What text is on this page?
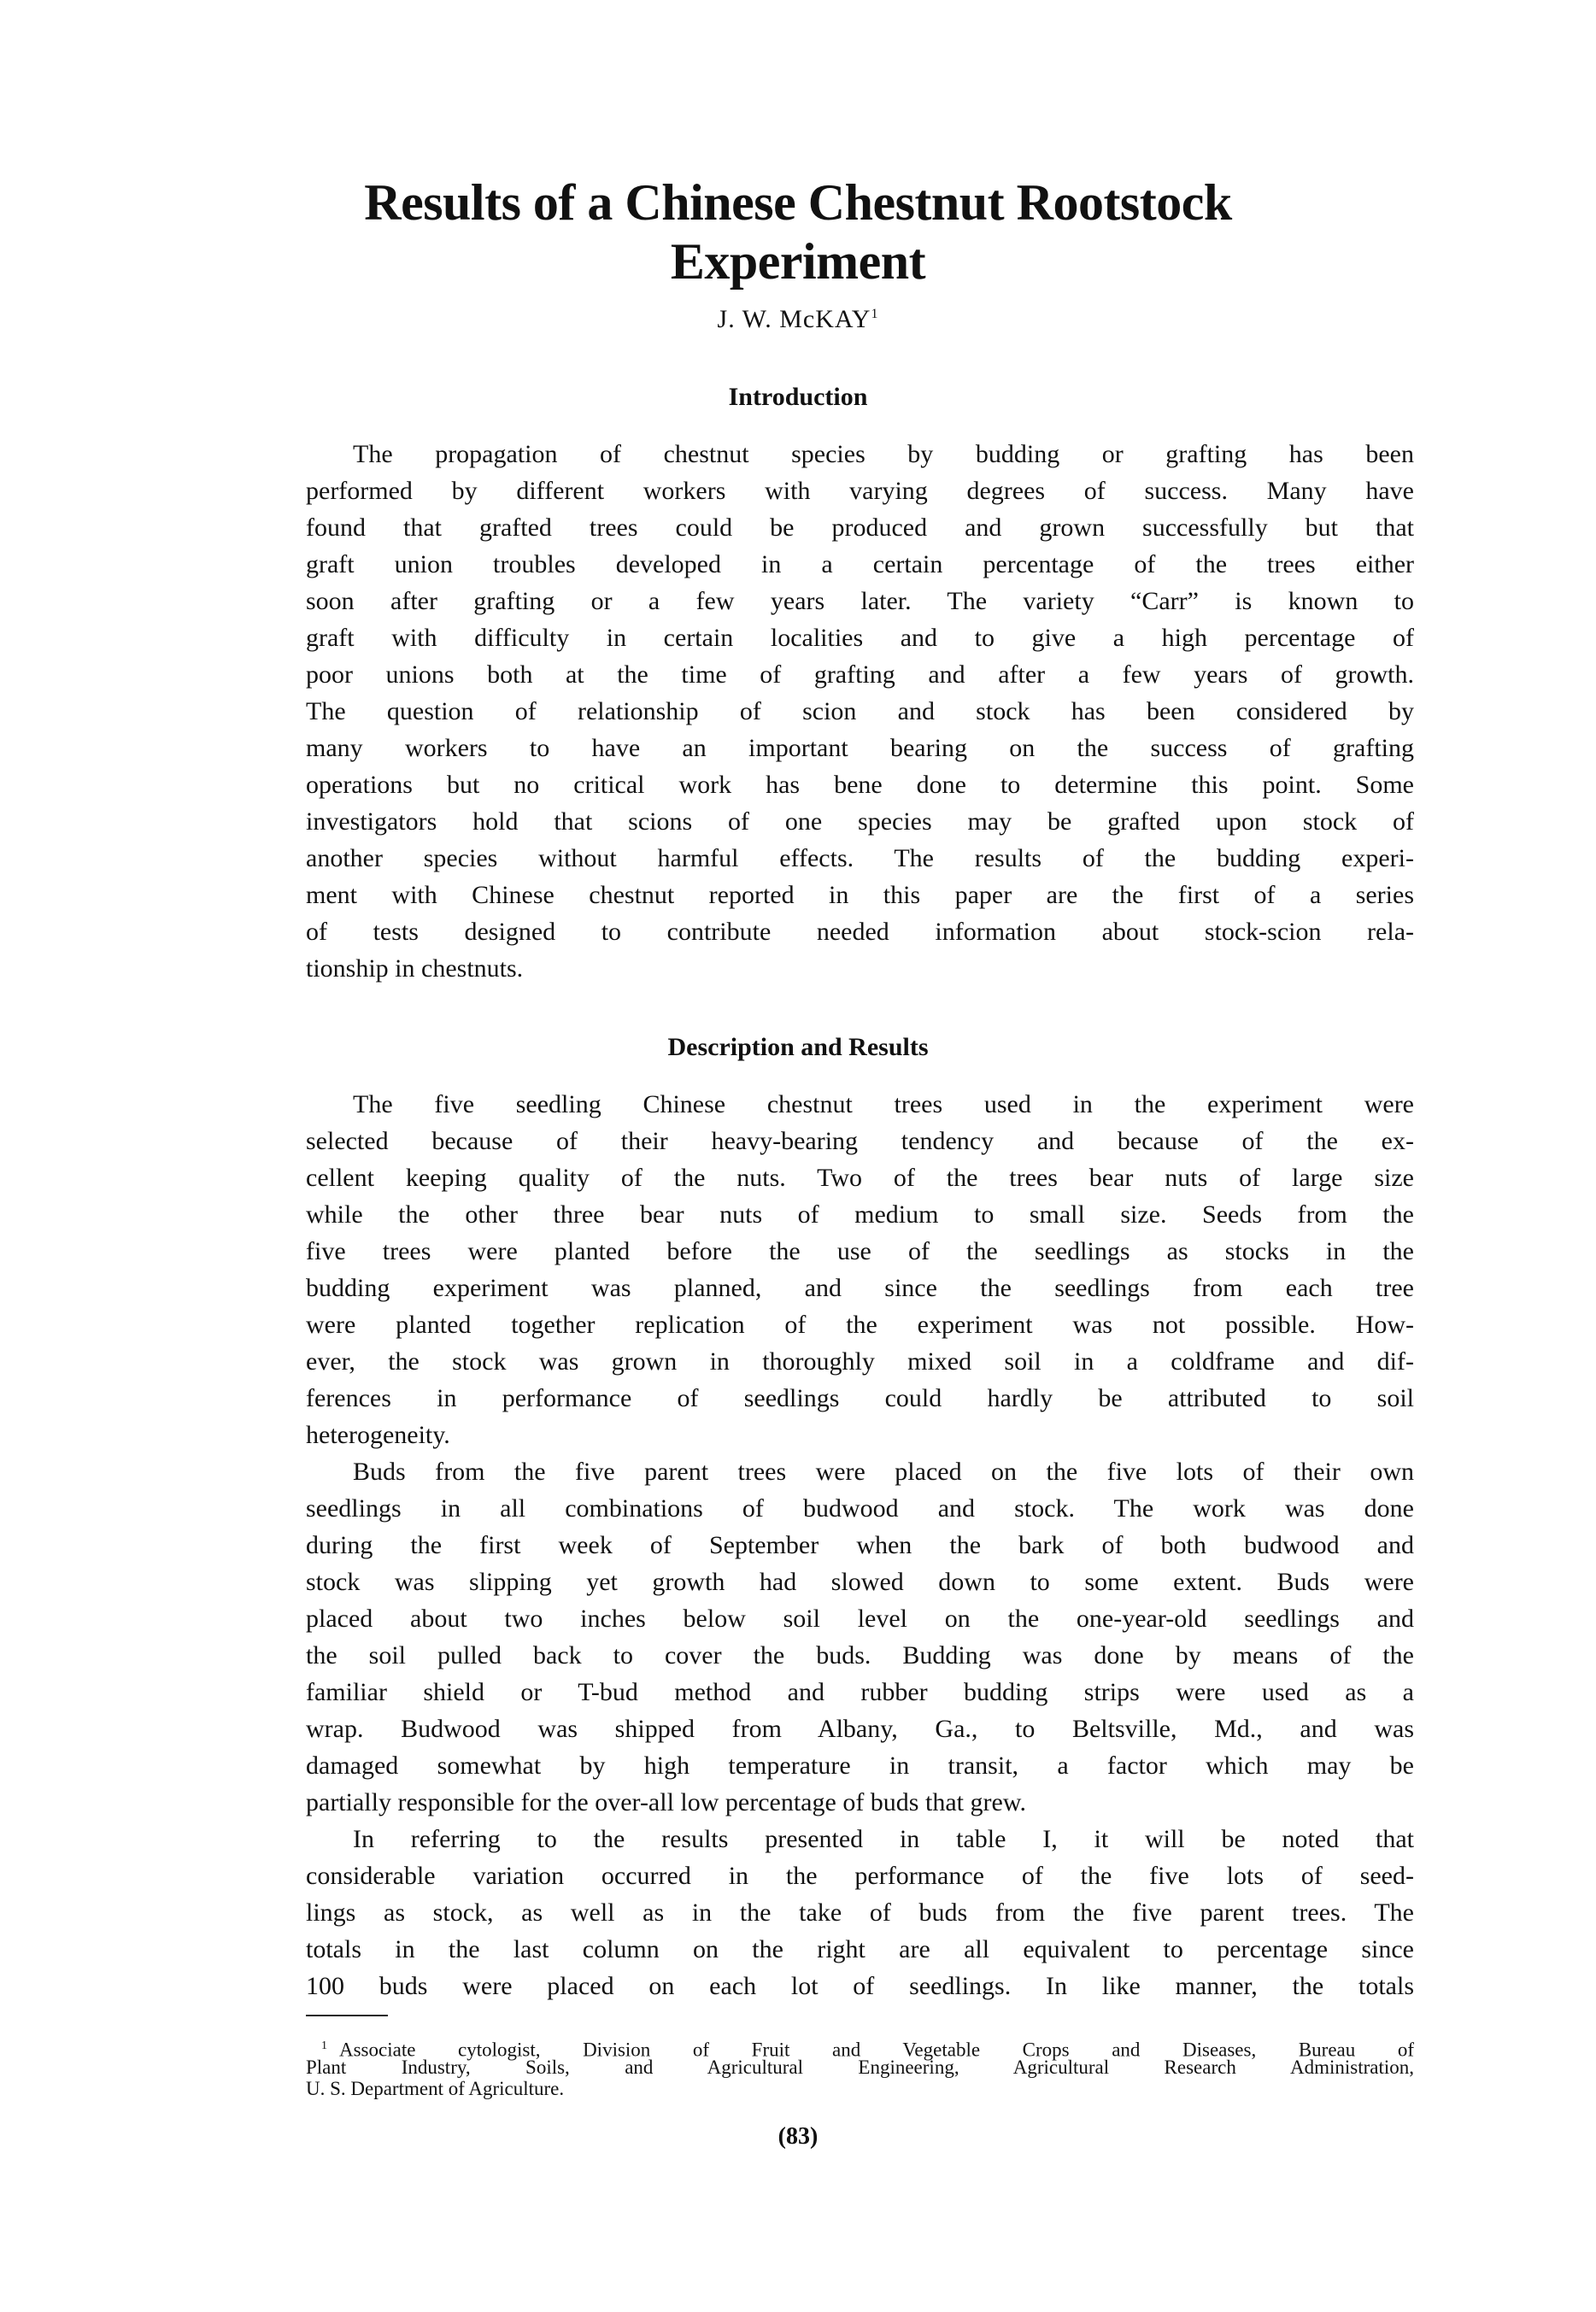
Results of a Chinese Chestnut Rootstock
Experiment
J. W. McKAY$^1$
Introduction
The propagation of chestnut species by budding or grafting has been
performed by different workers with varying degrees of success. Many have
found that grafted trees could be produced and grown successfully but that
graft union troubles developed in a certain percentage of the trees either
soon after grafting or a few years later. The variety “Carr” is known to
graft with difficulty in certain localities and to give a high percentage of
poor unions both at the time of grafting and after a few years of growth.
The question of relationship of scion and stock has been considered by
many workers to have an important bearing on the success of grafting
operations but no critical work has bene done to determine this point. Some
investigators hold that scions of one species may be grafted upon stock of
another species without harmful effects. The results of the budding experi-
ment with Chinese chestnut reported in this paper are the first of a series
of tests designed to contribute needed information about stock-scion rela-
tionship in chestnuts.
Description and Results
The five seedling Chinese chestnut trees used in the experiment were
selected because of their heavy-bearing tendency and because of the ex-
cellent keeping quality of the nuts. Two of the trees bear nuts of large size
while the other three bear nuts of medium to small size. Seeds from the
five trees were planted before the use of the seedlings as stocks in the
budding experiment was planned, and since the seedlings from each tree
were planted together replication of the experiment was not possible. How-
ever, the stock was grown in thoroughly mixed soil in a coldframe and dif-
ferences in performance of seedlings could hardly be attributed to soil
heterogeneity.
Buds from the five parent trees were placed on the five lots of their own
seedlings in all combinations of budwood and stock. The work was done
during the first week of September when the bark of both budwood and
stock was slipping yet growth had slowed down to some extent. Buds were
placed about two inches below soil level on the one-year-old seedlings and
the soil pulled back to cover the buds. Budding was done by means of the
familiar shield or T-bud method and rubber budding strips were used as a
wrap. Budwood was shipped from Albany, Ga., to Beltsville, Md., and was
damaged somewhat by high temperature in transit, a factor which may be
partially responsible for the over-all low percentage of buds that grew.
In referring to the results presented in table I, it will be noted that
considerable variation occurred in the performance of the five lots of seed-
lings as stock, as well as in the take of buds from the five parent trees. The
totals in the last column on the right are all equivalent to percentage since
100 buds were placed on each lot of seedlings. In like manner, the totals
$^1$ Associate cytologist, Division of Fruit and Vegetable Crops and Diseases, Bureau of
Plant Industry, Soils, and Agricultural Engineering, Agricultural Research Administration,
U. S. Department of Agriculture.
(83)
